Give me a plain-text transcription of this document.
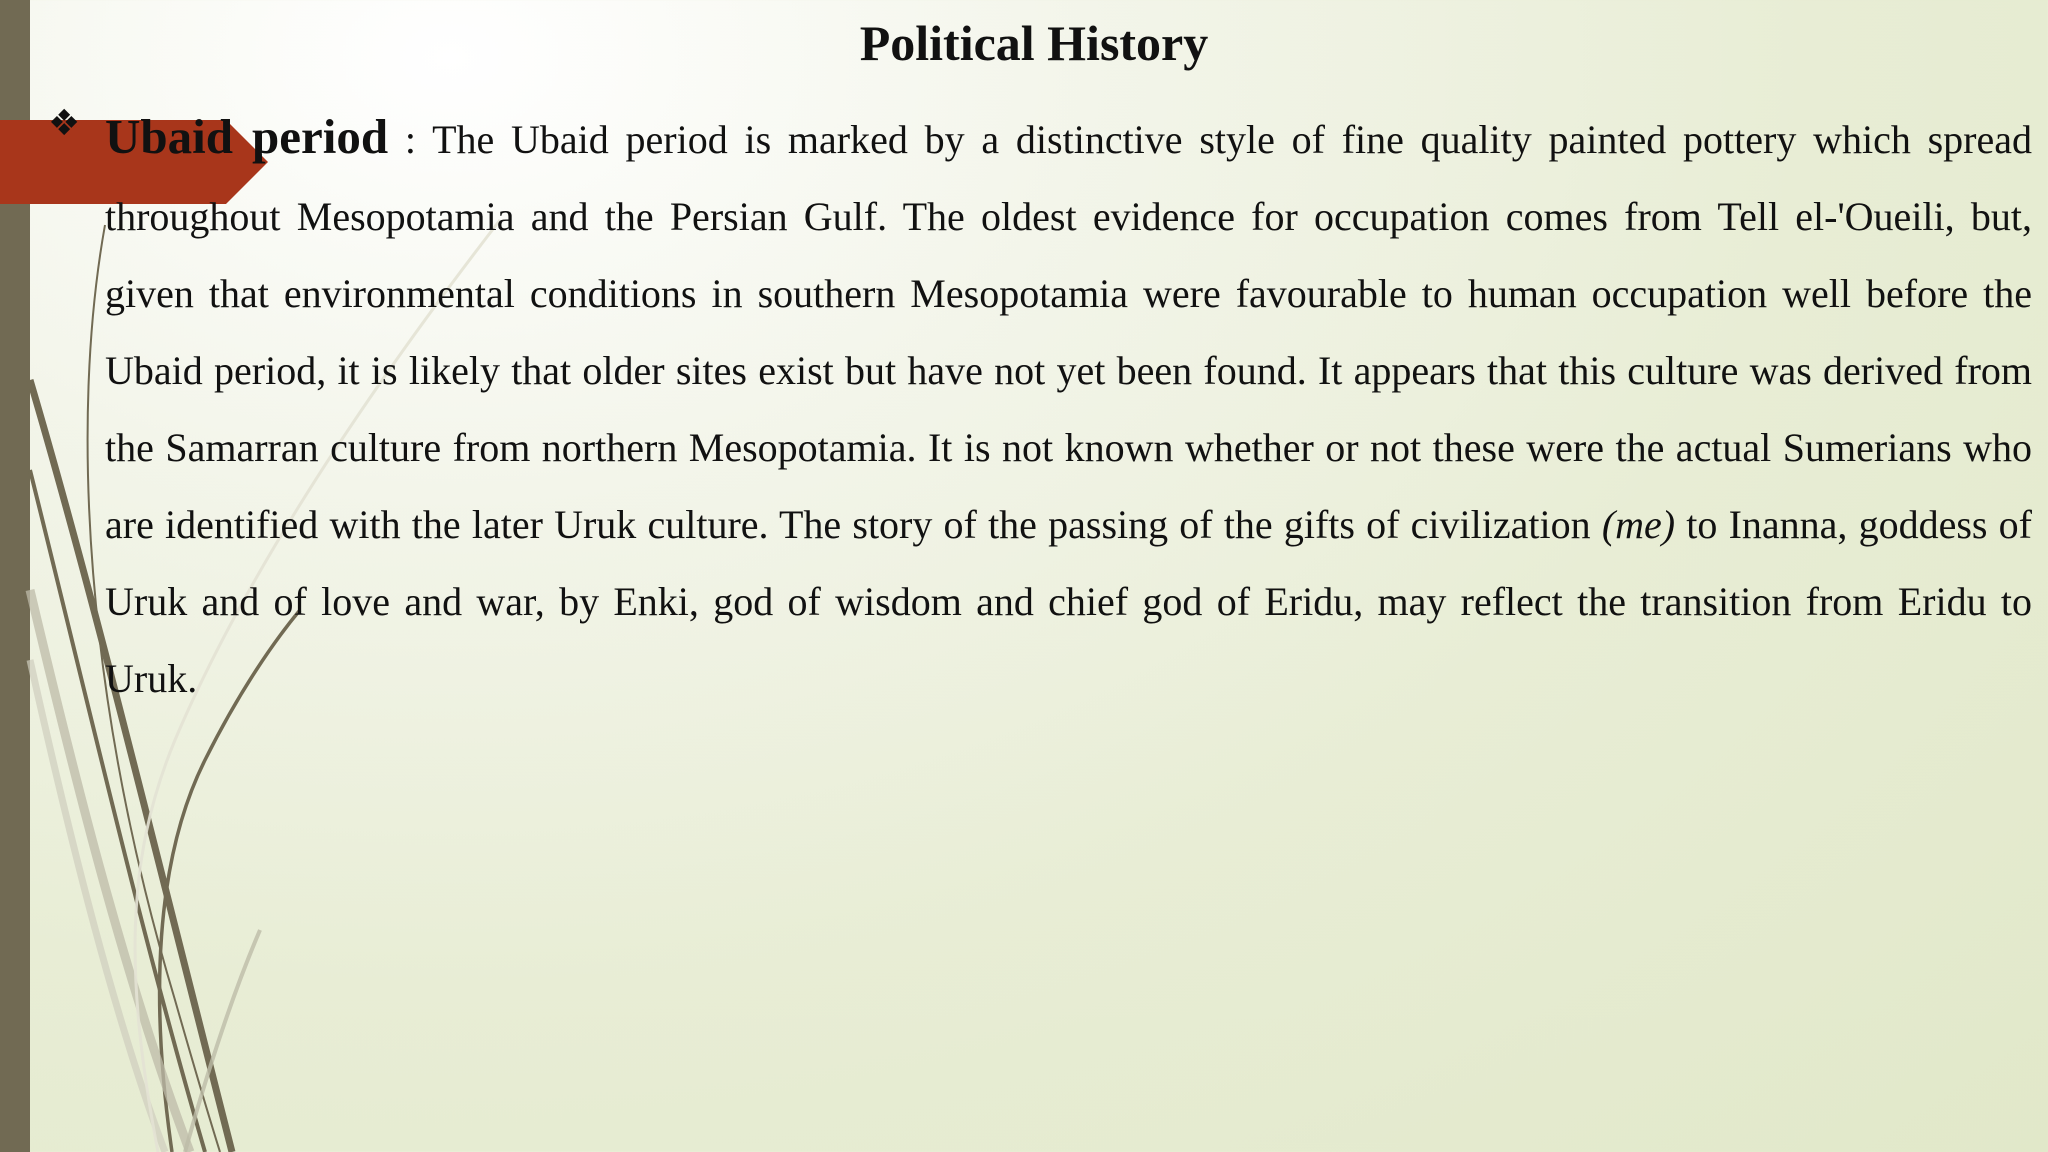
Political History
❖ Ubaid period : The Ubaid period is marked by a distinctive style of fine quality painted pottery which spread throughout Mesopotamia and the Persian Gulf. The oldest evidence for occupation comes from Tell el-'Oueili, but, given that environmental conditions in southern Mesopotamia were favourable to human occupation well before the Ubaid period, it is likely that older sites exist but have not yet been found. It appears that this culture was derived from the Samarran culture from northern Mesopotamia. It is not known whether or not these were the actual Sumerians who are identified with the later Uruk culture. The story of the passing of the gifts of civilization (me) to Inanna, goddess of Uruk and of love and war, by Enki, god of wisdom and chief god of Eridu, may reflect the transition from Eridu to Uruk.
